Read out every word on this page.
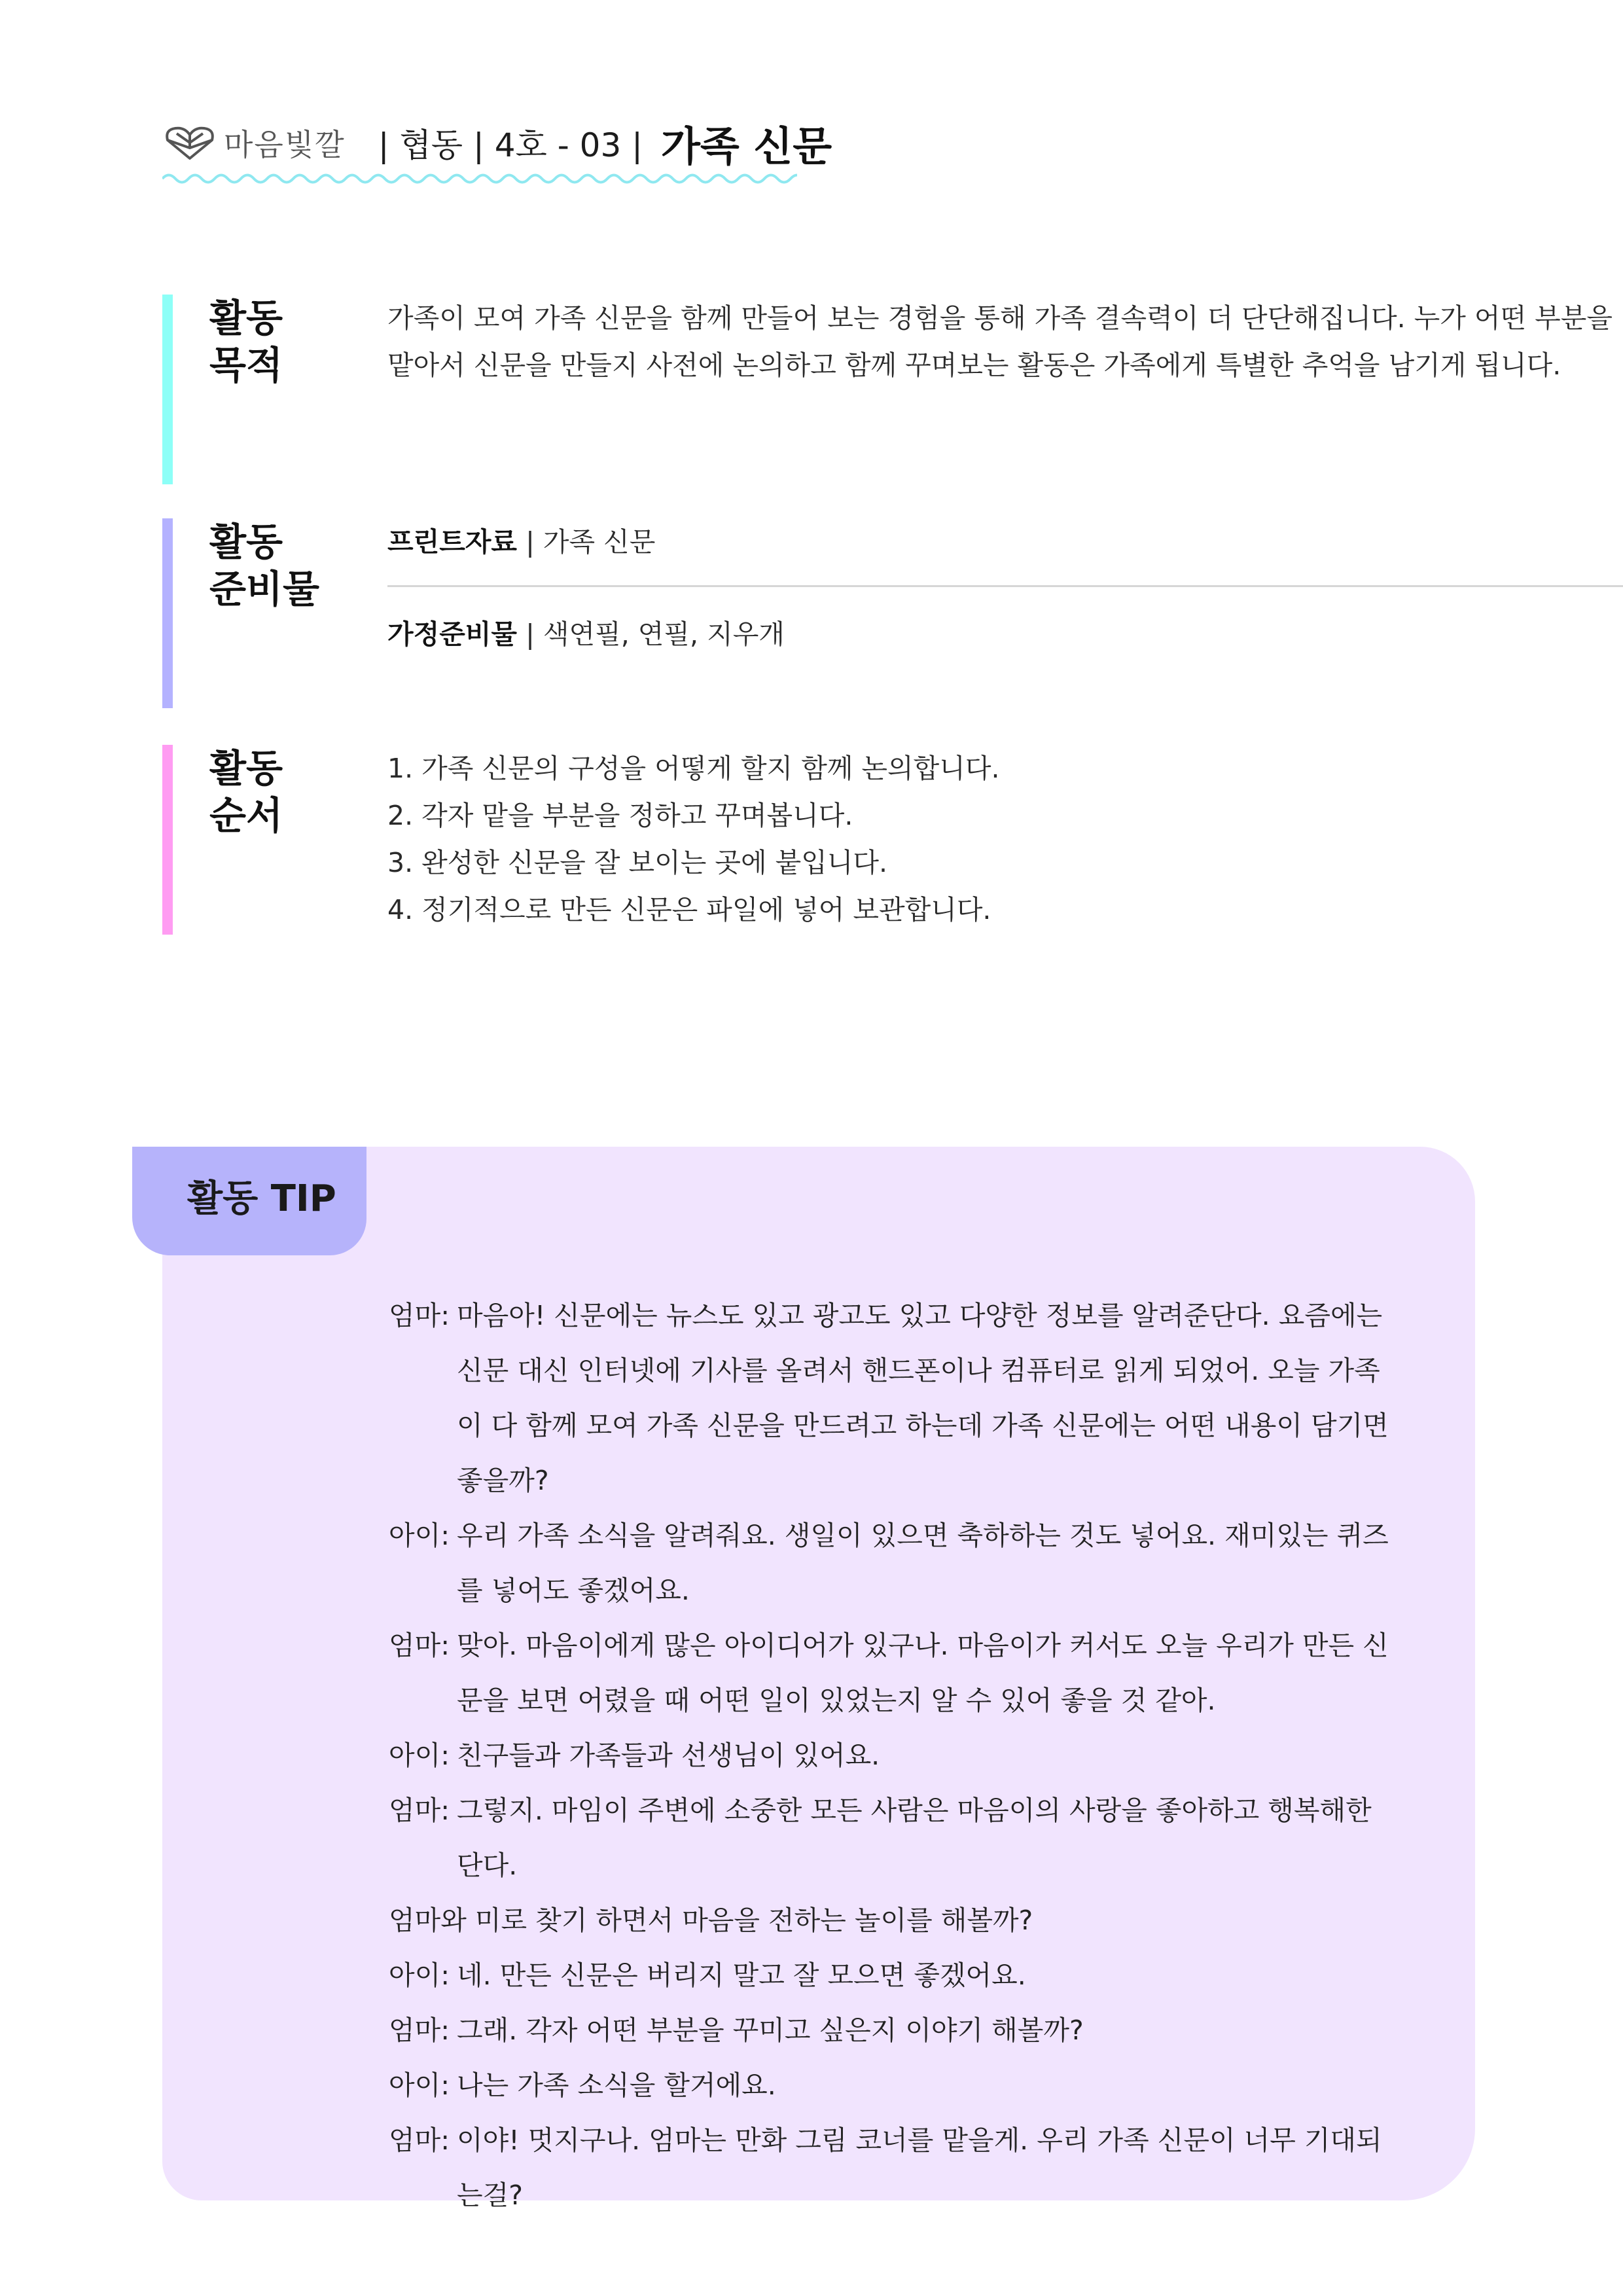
마음빛깔 | 협동 | 4호 - 03 | 가족 신문
활동
목적
가족이 모여 가족 신문을 함께 만들어 보는 경험을 통해 가족 결속력이 더 단단해집니다. 누가 어떤 부분을 맡아서 신문을 만들지 사전에 논의하고 함께 꾸며보는 활동은 가족에게 특별한 추억을 남기게 됩니다.
활동
준비물
프린트자료 | 가족 신문
가정준비물 | 색연필, 연필, 지우개
활동
순서
1. 가족 신문의 구성을 어떻게 할지 함께 논의합니다.
2. 각자 맡을 부분을 정하고 꾸며봅니다.
3. 완성한 신문을 잘 보이는 곳에 붙입니다.
4. 정기적으로 만든 신문은 파일에 넣어 보관합니다.
활동 TIP
엄마: 마음아! 신문에는 뉴스도 있고 광고도 있고 다양한 정보를 알려준단다. 요즘에는 신문 대신 인터넷에 기사를 올려서 핸드폰이나 컴퓨터로 읽게 되었어. 오늘 가족이 다 함께 모여 가족 신문을 만드려고 하는데 가족 신문에는 어떤 내용이 담기면 좋을까?
아이: 우리 가족 소식을 알려줘요. 생일이 있으면 축하하는 것도 넣어요. 재미있는 퀴즈를 넣어도 좋겠어요.
엄마: 맞아. 마음이에게 많은 아이디어가 있구나. 마음이가 커서도 오늘 우리가 만든 신문을 보면 어렸을 때 어떤 일이 있었는지 알 수 있어 좋을 것 같아.
아이: 친구들과 가족들과 선생님이 있어요.
엄마: 그렇지. 마임이 주변에 소중한 모든 사람은 마음이의 사랑을 좋아하고 행복해한단다.
엄마와 미로 찾기 하면서 마음을 전하는 놀이를 해볼까?
아이: 네. 만든 신문은 버리지 말고 잘 모으면 좋겠어요.
엄마: 그래. 각자 어떤 부분을 꾸미고 싶은지 이야기 해볼까?
아이: 나는 가족 소식을 할거에요.
엄마: 이야! 멋지구나. 엄마는 만화 그림 코너를 맡을게. 우리 가족 신문이 너무 기대되는걸?
